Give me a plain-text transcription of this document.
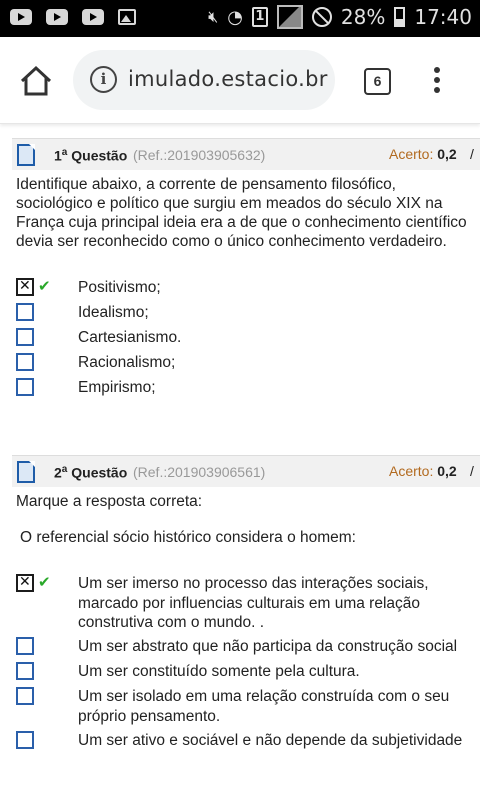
🔇︎ ◔ 1	28% 17:40
i	imulado.estacio.br	6
1$^a$ Questão (Ref.:201903905632)	Acerto: 0,2 /
Identifique abaixo, a corrente de pensamento filosófico,
sociológico e político que surgiu em meados do século XIX na
França cuja principal ideia era a de que o conhecimento científico
devia ser reconhecido como o único conhecimento verdadeiro.
✕
✔ Positivismo;
Idealismo;
Cartesianismo.
Racionalismo;
Empirismo;
2$^a$ Questão (Ref.:201903906561)	Acerto: 0,2 /
Marque a resposta correta:
O referencial sócio histórico considera o homem:
✕
✔ Um ser imerso no processo das interações sociais,
marcado por influencias culturais em uma relação
construtiva com o mundo. .
Um ser abstrato que não participa da construção social
Um ser constituído somente pela cultura.
Um ser isolado em uma relação construída com o seu
próprio pensamento.
Um ser ativo e sociável e não depende da subjetividade
